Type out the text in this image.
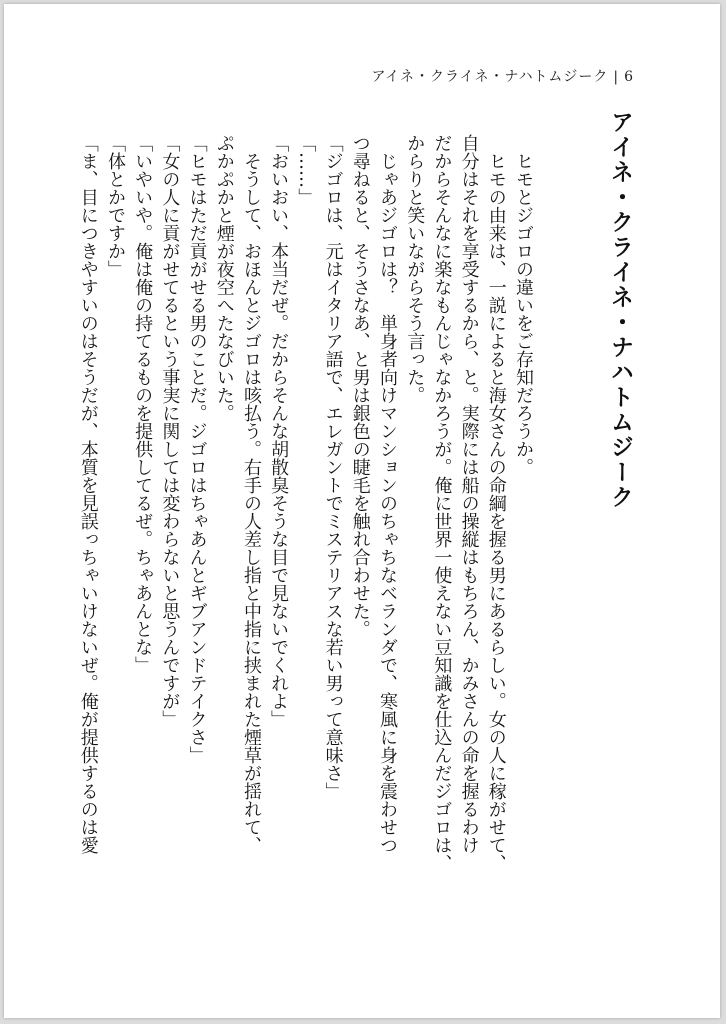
アイネ・クライネ・ナハトムジーク | 6
アイネ・クライネ・ナハトムジーク

ヒモとジゴロの違いをご存知だろうか。

ヒモの由来は、一説によると海女さんの命綱を握る男にあるらしい。女の人に稼がせて、

自分はそれを享受するから、と。実際には船の操縦はもちろん、かみさんの命を握るわけ

だからそんなに楽なもんじゃなかろうが。俺に世界一使えない豆知識を仕込んだジゴロは、

からりと笑いながらそう言った。

じゃあジゴロは？　単身者向けマンションのちゃちなベランダで、寒風に身を震わせつ

つ尋ねると、そうさなあ、と男は銀色の睫毛を触れ合わせた。

「ジゴロは、元はイタリア語で、エレガントでミステリアスな若い男って意味さ」

「……」

「おいおい、本当だぜ。だからそんな胡散臭そうな目で見ないでくれよ」

そうして、おほんとジゴロは咳払う。右手の人差し指と中指に挟まれた煙草が揺れて、

ぷかぷかと煙が夜空へたなびいた。

「ヒモはただ貢がせる男のことだ。ジゴロはちゃあんとギブアンドテイクさ」

「女の人に貢がせてるという事実に関しては変わらないと思うんですが」

「いやいや。俺は俺の持てるものを提供してるぜ。ちゃあんとな」

「体とかですか」

「ま、目につきやすいのはそうだが、本質を見誤っちゃいけないぜ。俺が提供するのは愛
